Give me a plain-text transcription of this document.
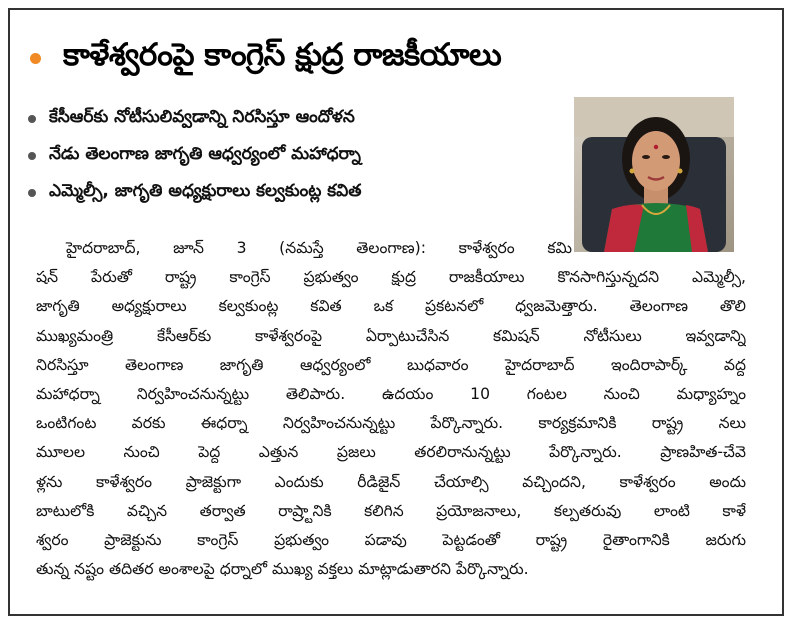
కాళేశ్వరంపై కాంగ్రెస్‌ క్షుద్ర రాజకీయాలు
కేసీఆర్‌కు నోటీసులివ్వడాన్ని నిరసిస్తూ ఆందోళన
నేడు తెలంగాణ జాగృతి ఆధ్వర్యంలో మహాధర్నా
ఎమ్మెల్సీ, జాగృతి అధ్యక్షురాలు కల్వకుంట్ల కవిత
హైదరాబాద్‌, జూన్‌ 3 (నమస్తే తెలంగాణ): కాళేశ్వరం కమి
షన్‌ పేరుతో రాష్ట్ర కాంగ్రెస్‌ ప్రభుత్వం క్షుద్ర రాజకీయాలు కొనసాగిస్తున్నదని ఎమ్మెల్సీ,
జాగృతి అధ్యక్షురాలు కల్వకుంట్ల కవిత ఒక ప్రకటనలో ధ్వజమెత్తారు. తెలంగాణ తొలి
ముఖ్యమంత్రి కేసీఆర్‌కు కాళేశ్వరంపై ఏర్పాటుచేసిన కమిషన్‌ నోటీసులు ఇవ్వడాన్ని
నిరసిస్తూ తెలంగాణ జాగృతి ఆధ్వర్యంలో బుధవారం హైదరాబాద్‌ ఇందిరాపార్క్‌ వద్ద
మహాధర్నా నిర్వహించనున్నట్టు తెలిపారు. ఉదయం 10 గంటల నుంచి మధ్యాహ్నం
ఒంటిగంట వరకు ఈధర్నా నిర్వహించనున్నట్టు పేర్కొన్నారు. కార్యక్రమానికి రాష్ట్ర నలు
మూలల నుంచి పెద్ద ఎత్తున ప్రజలు తరలిరానున్నట్టు పేర్కొన్నారు. ప్రాణహిత-చేవె
ళ్లను కాళేశ్వరం ప్రాజెక్టుగా ఎందుకు రీడిజైన్‌ చేయాల్సి వచ్చిందని, కాళేశ్వరం అందు
బాటులోకి వచ్చిన తర్వాత రాష్ర్టానికి కలిగిన ప్రయోజనాలు, కల్పతరువు లాంటి కాళే
శ్వరం ప్రాజెక్టును కాంగ్రెస్‌ ప్రభుత్వం పడావు పెట్టడంతో రాష్ట్ర రైతాంగానికి జరుగు
తున్న నష్టం తదితర అంశాలపై ధర్నాలో ముఖ్య వక్తలు మాట్లాడుతారని పేర్కొన్నారు.
